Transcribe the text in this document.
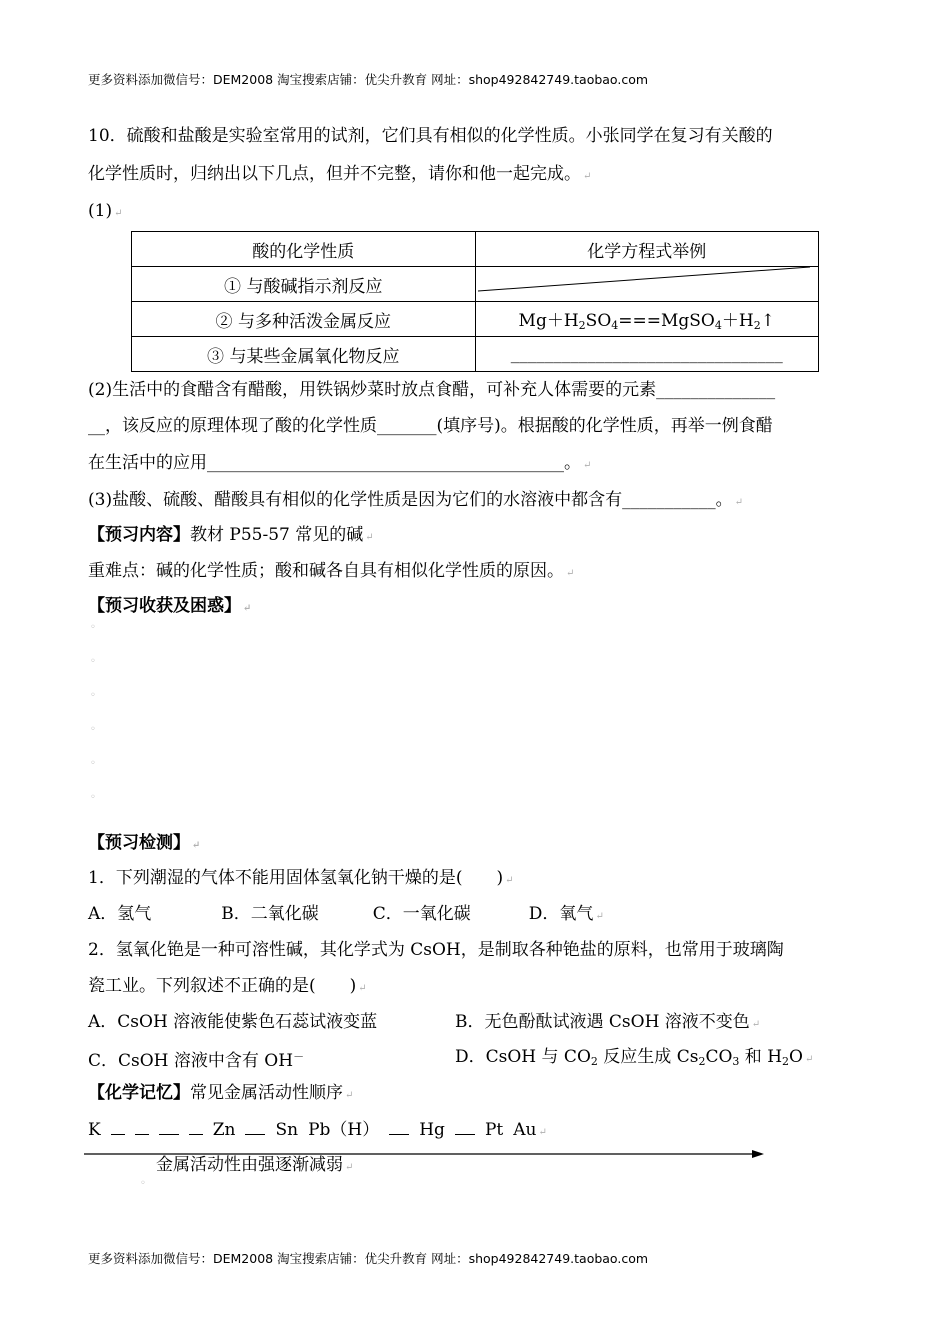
更多资料添加微信号：DEM2008 淘宝搜索店铺：优尖升教育 网址：shop492842749.taobao.com
10．硫酸和盐酸是实验室常用的试剂，它们具有相似的化学性质。小张同学在复习有关酸的
化学性质时，归纳出以下几点，但并不完整，请你和他一起完成。 ↵
(1) ↵
酸的化学性质	化学方程式举例
① 与酸碱指示剂反应	

② 与多种活泼金属反应	$Mg+H_2SO_4===MgSO_4+H_2↑$
③ 与某些金属氧化物反应	________________________________
(2)生活中的食醋含有醋酸，用铁锅炒菜时放点食醋，可补充人体需要的元素______________
__，该反应的原理体现了酸的化学性质_______(填序号)。根据酸的化学性质，再举一例食醋
在生活中的应用__________________________________________。 ↵
(3)盐酸、硫酸、醋酸具有相似的化学性质是因为它们的水溶液中都含有___________。 ↵
【预习内容】教材 P55-57 常见的碱 ↵
重难点：碱的化学性质；酸和碱各自具有相似化学性质的原因。 ↵
【预习收获及困惑】 ↵
◦
◦
◦
◦
◦
◦
【预习检测】 ↵
1．下列潮湿的气体不能用固体氢氧化钠干燥的是(　　) ↵
A．氢气	B．二氧化碳	C．一氧化碳	D．氧气 ↵
2．氢氧化铯是一种可溶性碱，其化学式为 CsOH，是制取各种铯盐的原料，也常用于玻璃陶
瓷工业。下列叙述不正确的是(　　) ↵
A．CsOH 溶液能使紫色石蕊试液变蓝	B．无色酚酞试液遇 CsOH 溶液不变色 ↵
C．CsOH 溶液中含有 OH－	D．CsOH 与 $CO_2$ 反应生成 $Cs_2CO_3$ 和 $H_2O$ ↵
【化学记忆】常见金属活动性顺序 ↵
K	Zn Sn Pb（H） Hg Pt Au ↵
金属活动性由强逐渐减弱 ↵
◦
更多资料添加微信号：DEM2008 淘宝搜索店铺：优尖升教育 网址：shop492842749.taobao.com
